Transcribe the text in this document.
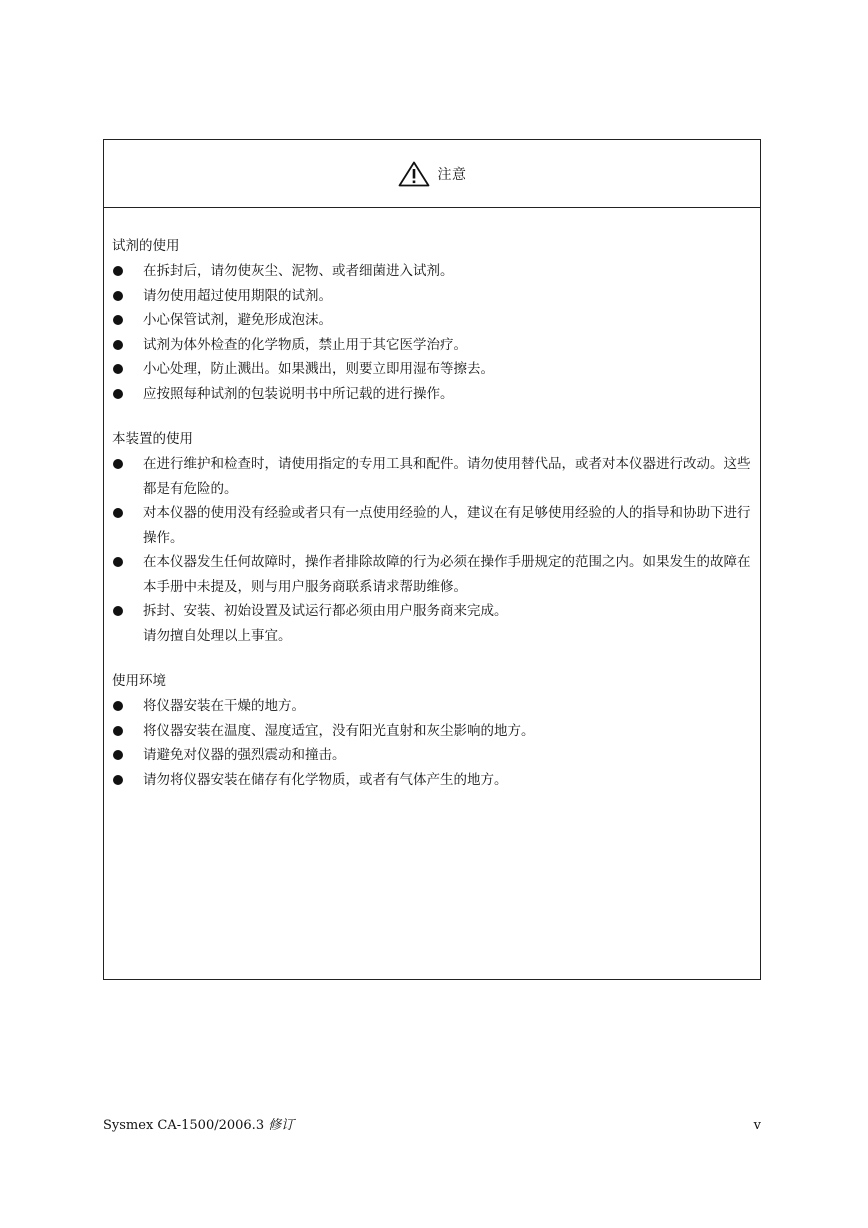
注意
试剂的使用
在拆封后，请勿使灰尘、泥物、或者细菌进入试剂。
请勿使用超过使用期限的试剂。
小心保管试剂，避免形成泡沫。
试剂为体外检查的化学物质，禁止用于其它医学治疗。
小心处理，防止溅出。如果溅出，则要立即用湿布等擦去。
应按照每种试剂的包装说明书中所记载的进行操作。
本装置的使用
在进行维护和检查时，请使用指定的专用工具和配件。请勿使用替代品，或者对本仪器进行改动。这些都是有危险的。
对本仪器的使用没有经验或者只有一点使用经验的人，建议在有足够使用经验的人的指导和协助下进行操作。
在本仪器发生任何故障时，操作者排除故障的行为必须在操作手册规定的范围之内。如果发生的故障在本手册中未提及，则与用户服务商联系请求帮助维修。
拆封、安装、初始设置及试运行都必须由用户服务商来完成。
请勿擅自处理以上事宜。
使用环境
将仪器安装在干燥的地方。
将仪器安装在温度、湿度适宜，没有阳光直射和灰尘影响的地方。
请避免对仪器的强烈震动和撞击。
请勿将仪器安装在储存有化学物质，或者有气体产生的地方。
Sysmex CA-1500/2006.3 修订	v
